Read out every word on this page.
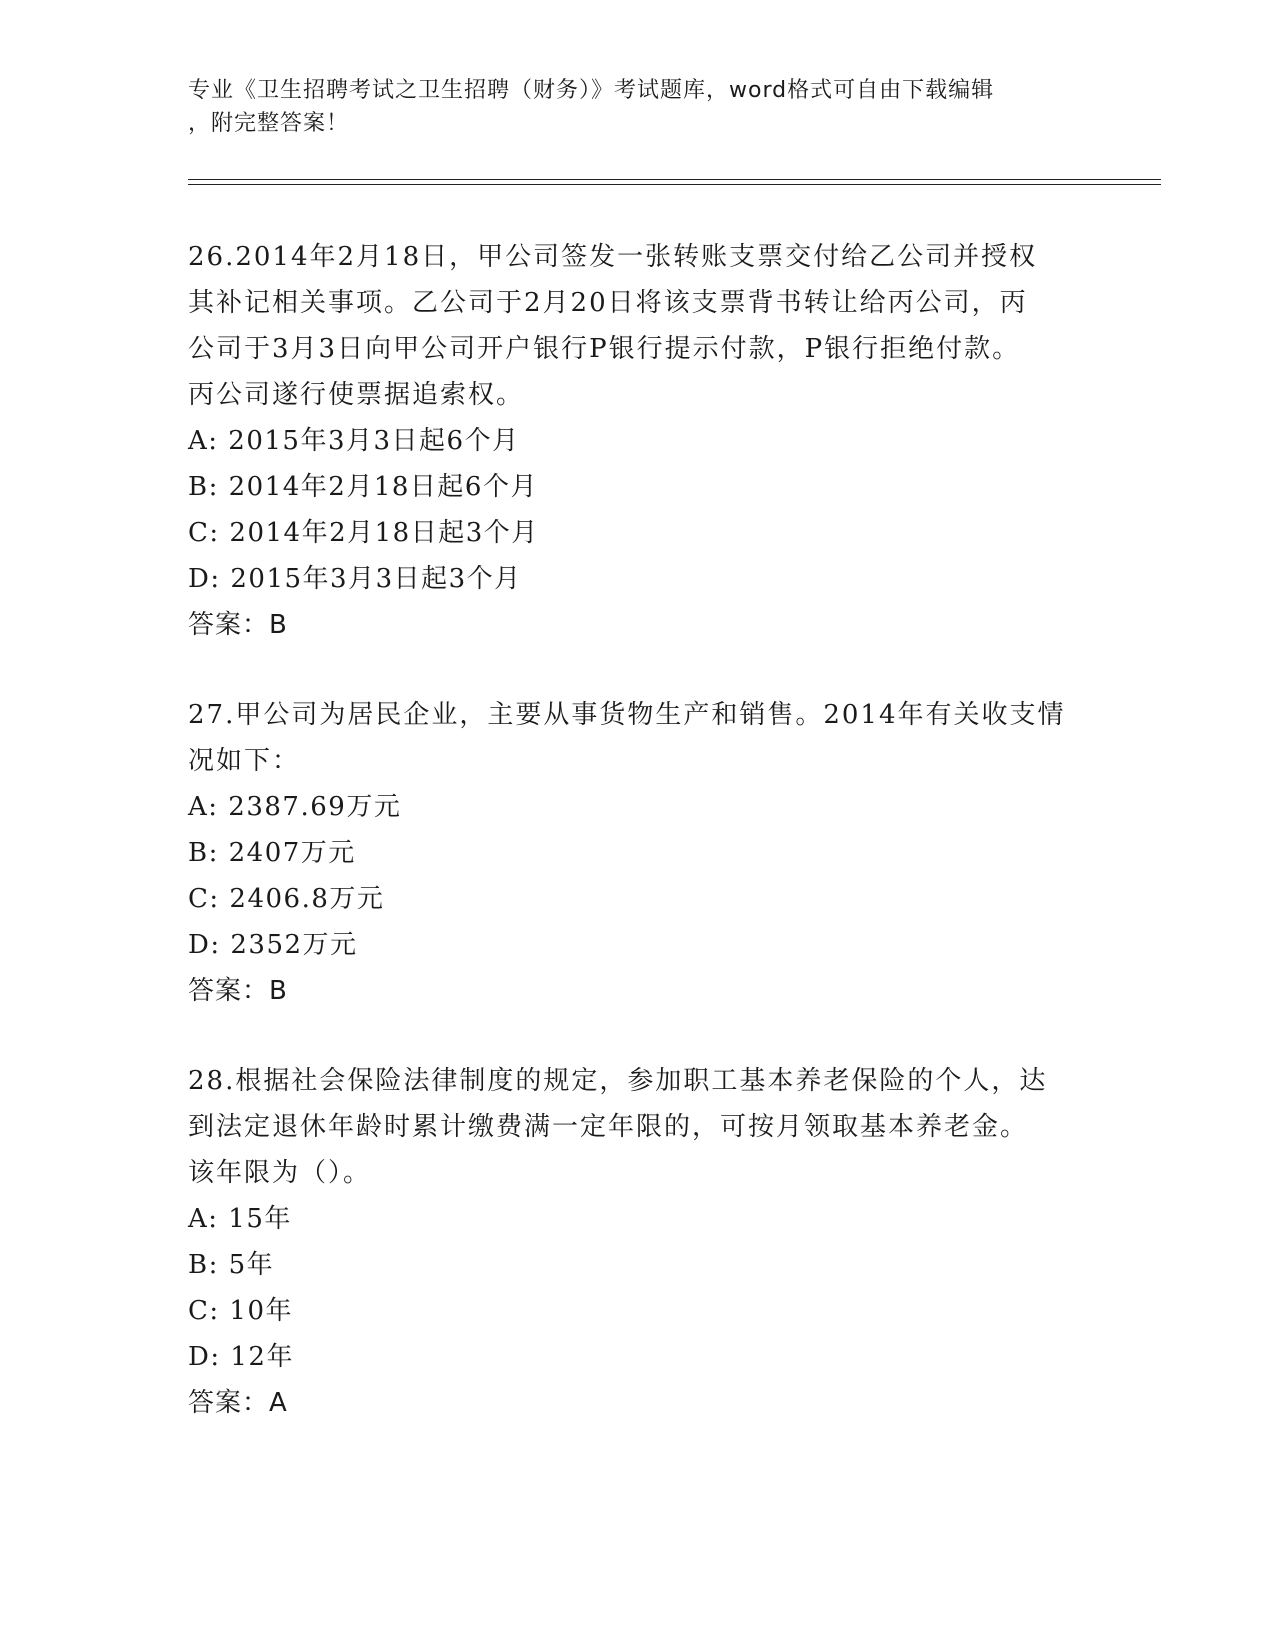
专业《卫生招聘考试之卫生招聘（财务）》考试题库，word格式可自由下载编辑
，附完整答案！
26.2014年2月18日，甲公司签发一张转账支票交付给乙公司并授权
其补记相关事项。乙公司于2月20日将该支票背书转让给丙公司，丙
公司于3月3日向甲公司开户银行P银行提示付款，P银行拒绝付款。
丙公司遂行使票据追索权。
A: 2015年3月3日起6个月
B: 2014年2月18日起6个月
C: 2014年2月18日起3个月
D: 2015年3月3日起3个月
答案：B
27.甲公司为居民企业，主要从事货物生产和销售。2014年有关收支情
况如下：
A: 2387.69万元
B: 2407万元
C: 2406.8万元
D: 2352万元
答案：B
28.根据社会保险法律制度的规定，参加职工基本养老保险的个人，达
到法定退休年龄时累计缴费满一定年限的，可按月领取基本养老金。
该年限为（）。
A: 15年
B: 5年
C: 10年
D: 12年
答案：A
